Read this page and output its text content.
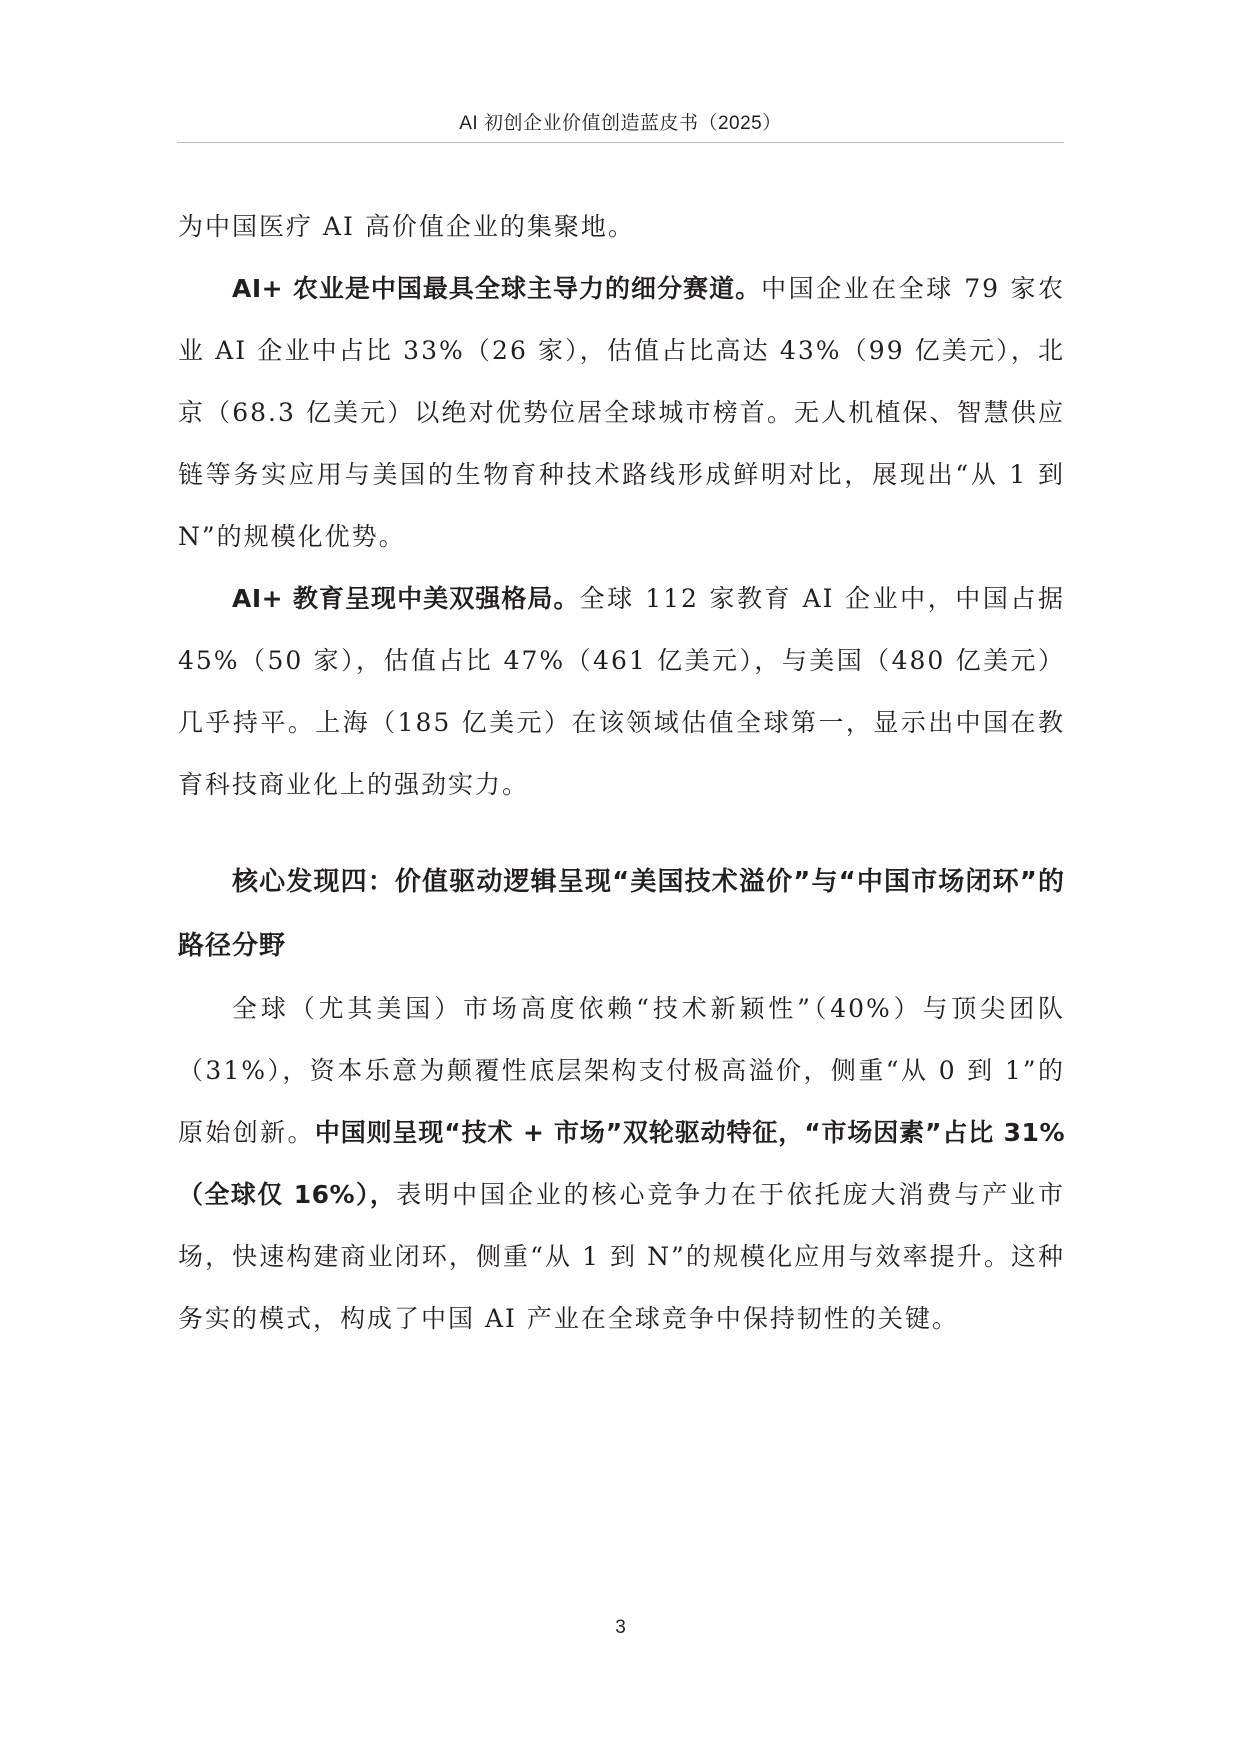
AI 初创企业价值创造蓝皮书（2025）

为中国医疗 AI 高价值企业的集聚地。

AI+ 农业是中国最具全球主导力的细分赛道。中国企业在全球 79 家农业 AI 企业中占比 33%（26 家），估值占比高达 43%（99 亿美元），北京（68.3 亿美元）以绝对优势位居全球城市榜首。无人机植保、智慧供应链等务实应用与美国的生物育种技术路线形成鲜明对比，展现出“从 1 到 N”的规模化优势。

AI+ 教育呈现中美双强格局。全球 112 家教育 AI 企业中，中国占据 45%（50 家），估值占比 47%（461 亿美元），与美国（480 亿美元）几乎持平。上海（185 亿美元）在该领域估值全球第一，显示出中国在教育科技商业化上的强劲实力。

核心发现四：价值驱动逻辑呈现“美国技术溢价”与“中国市场闭环”的路径分野

全球（尤其美国）市场高度依赖“技术新颖性”（40%）与顶尖团队（31%），资本乐意为颠覆性底层架构支付极高溢价，侧重“从 0 到 1”的原始创新。中国则呈现“技术 + 市场”双轮驱动特征，“市场因素”占比 31%（全球仅 16%），表明中国企业的核心竞争力在于依托庞大消费与产业市场，快速构建商业闭环，侧重“从 1 到 N”的规模化应用与效率提升。这种务实的模式，构成了中国 AI 产业在全球竞争中保持韧性的关键。

3
